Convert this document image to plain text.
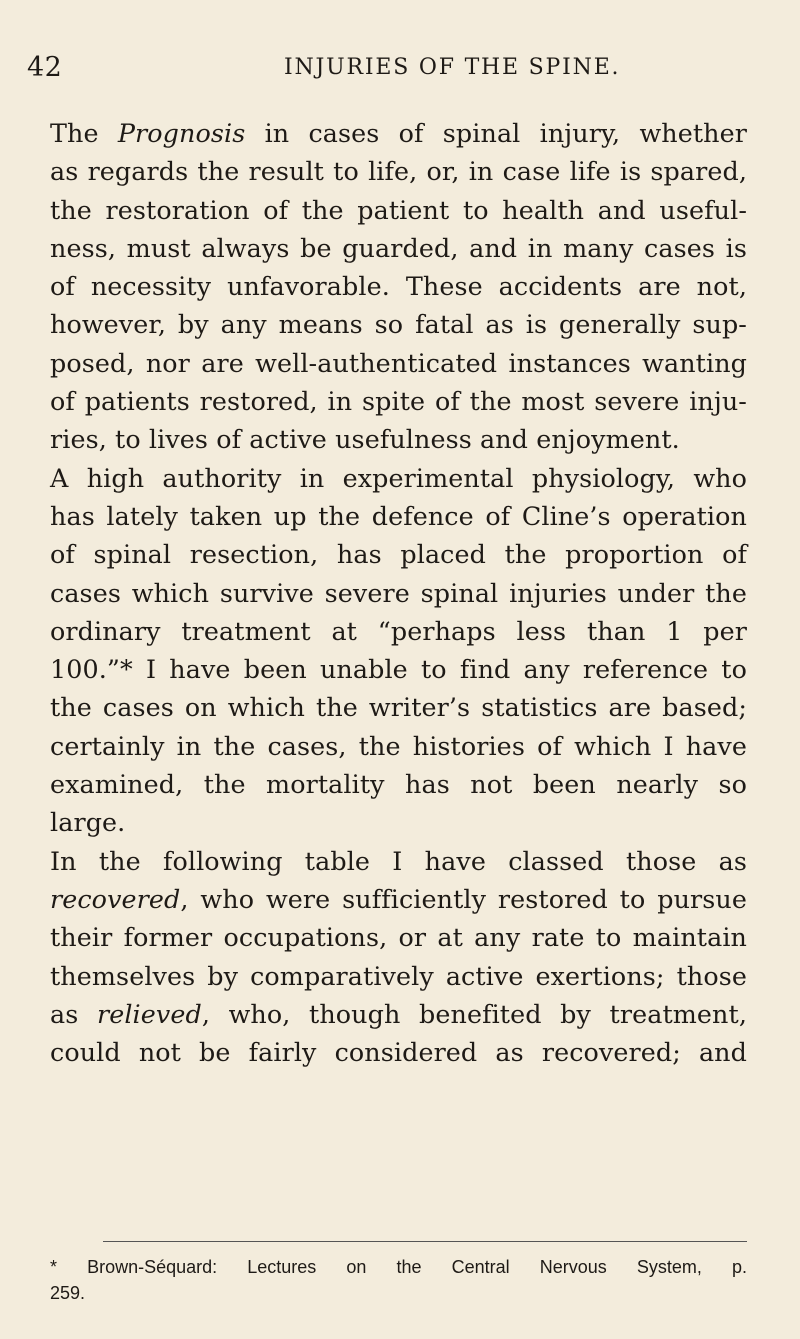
42	INJURIES OF THE SPINE.
The Prognosis in cases of spinal injury, whether
as regards the result to life, or, in case life is spared,
the restoration of the patient to health and useful-
ness, must always be guarded, and in many cases is
of necessity unfavorable. These accidents are not,
however, by any means so fatal as is generally sup-
posed, nor are well-authenticated instances wanting
of patients restored, in spite of the most severe inju-
ries, to lives of active usefulness and enjoyment.
A high authority in experimental physiology, who
has lately taken up the defence of Cline’s operation
of spinal resection, has placed the proportion of
cases which survive severe spinal injuries under the
ordinary treatment at “perhaps less than 1 per
100.”* I have been unable to find any reference to
the cases on which the writer’s statistics are based;
certainly in the cases, the histories of which I have
examined, the mortality has not been nearly so
large.
In the following table I have classed those as
recovered, who were sufficiently restored to pursue
their former occupations, or at any rate to maintain
themselves by comparatively active exertions; those
as relieved, who, though benefited by treatment,
could not be fairly considered as recovered; and
* Brown-Séquard: Lectures on the Central Nervous System, p.
259.
